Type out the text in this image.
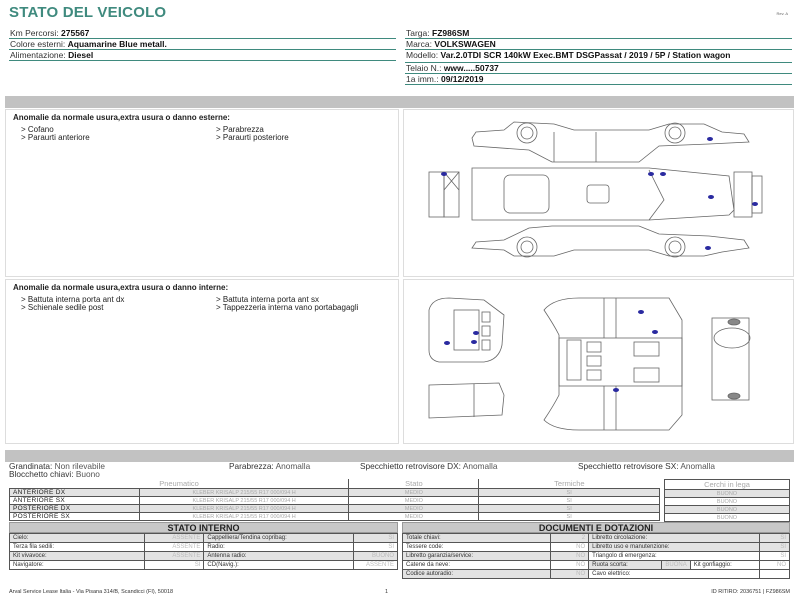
STATO DEL VEICOLO	Rev. A
Km Percorsi: 275567
Colore esterni: Aquamarine Blue metall.
Alimentazione: Diesel
Targa: FZ986SM
Marca: VOLKSWAGEN
Modello: Var.2.0TDI SCR 140kW Exec.BMT DSGPassat / 2019 / 5P / Station wagon
Telaio N.: www.....50737
1a imm.: 09/12/2019
Anomalie da normale usura,extra usura o danno esterne:
> Cofano	> Parabrezza
> Paraurti anteriore	> Paraurti posteriore
Anomalie da normale usura,extra usura o danno interne:
> Battuta interna porta ant dx	> Battuta interna porta ant sx
> Schienale sedile post	> Tappezzeria interna vano portabagagli
Grandinata: Non rilevabile
Blocchetto chiavi: Buono
Parabrezza: Anomalla	Specchietto retrovisore DX: Anomalla	Specchietto retrovisore SX: Anomalla
Pneumatico		Stato	Termiche
ANTERIORE DX	KLEBER KRISALP 215/55 R17 000/094 H	MEDIO	SI
ANTERIORE SX	KLEBER KRISALP 215/55 R17 000/094 H	MEDIO	SI
POSTERIORE DX	KLEBER KRISALP 215/55 R17 000/094 H	MEDIO	SI
POSTERIORE SX	KLEBER KRISALP 215/55 R17 000/094 H	MEDIO	SI
Cerchi in lega
BUONO
BUONO
BUONO
BUONO
STATO INTERNO
Cielo:	ASSENTE	Cappelliera/Tendina copribag:	SI
Terza fila sedili:	ASSENTE	Radio:	SI
Kit vivavoce:	ASSENTE	Antenna radio:	BUONO
Navigatore:	SI	CD(Navig.):	ASSENTE
DOCUMENTI E DOTAZIONI
Totale chiavi:	2	Libretto circolazione:			SI
Tessere code:	NO	Libretto uso e manutenzione:			SI
Libretto garanzia/service:	NO	Triangolo di emergenza:			SI
Catene da neve:	NO	Ruota scorta:	BUONA	Kit gonfiaggio:	NO
Codice autoradio:	NO	Cavo elettrico:			
Arval Service Lease Italia - Via Pisana 314/B, Scandicci (FI), 50018	1	ID RITIRO: 2036751 | FZ986SM
